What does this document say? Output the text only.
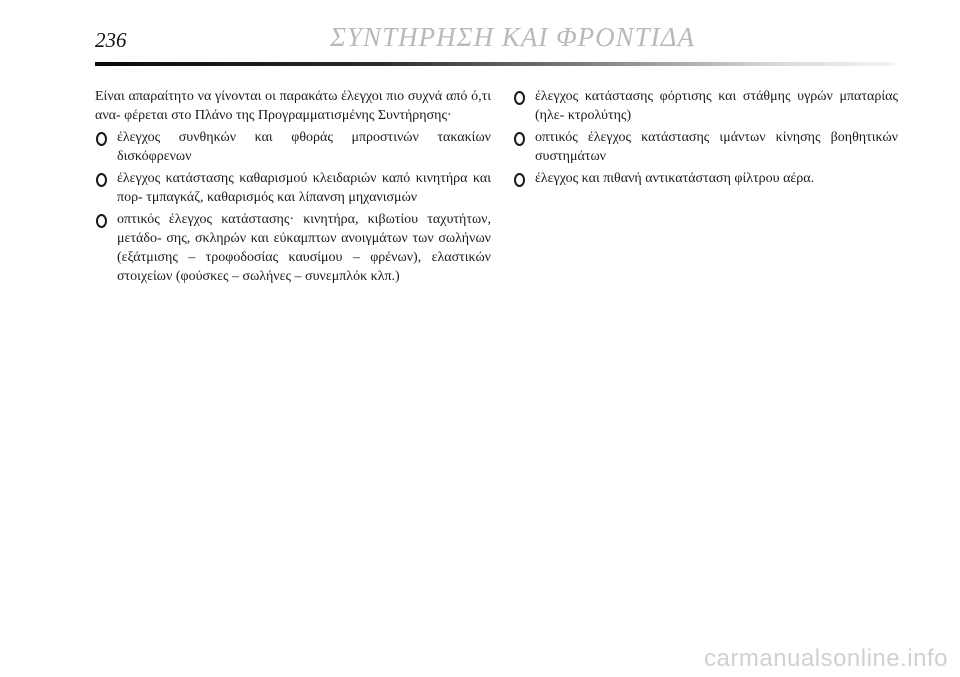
236	ΣΥΝΤΗΡΗΣΗ ΚΑΙ ΦΡΟΝΤΙΔΑ

Είναι απαραίτητο να γίνονται οι παρακάτω έλεγχοι πιο συχνά από ό,τι ανα- φέρεται στο Πλάνο της Προγραμματισμένης Συντήρησης·

έλεγχος συνθηκών και φθοράς μπροστινών τακακίων δισκόφρενων
έλεγχος κατάστασης καθαρισμού κλειδαριών καπό κινητήρα και πορ- τμπαγκάζ, καθαρισμός και λίπανση μηχανισμών
οπτικός έλεγχος κατάστασης· κινητήρα, κιβωτίου ταχυτήτων, μετάδο- σης, σκληρών και εύκαμπτων ανοιγμάτων των σωλήνων (εξάτμισης – τροφοδοσίας καυσίμου – φρένων), ελαστικών στοιχείων (φούσκες – σωλήνες – συνεμπλόκ κλπ.)
έλεγχος κατάστασης φόρτισης και στάθμης υγρών μπαταρίας (ηλε- κτρολύτης)
οπτικός έλεγχος κατάστασης ιμάντων κίνησης βοηθητικών συστημάτων
έλεγχος και πιθανή αντικατάσταση φίλτρου αέρα.
carmanualsonline.info
